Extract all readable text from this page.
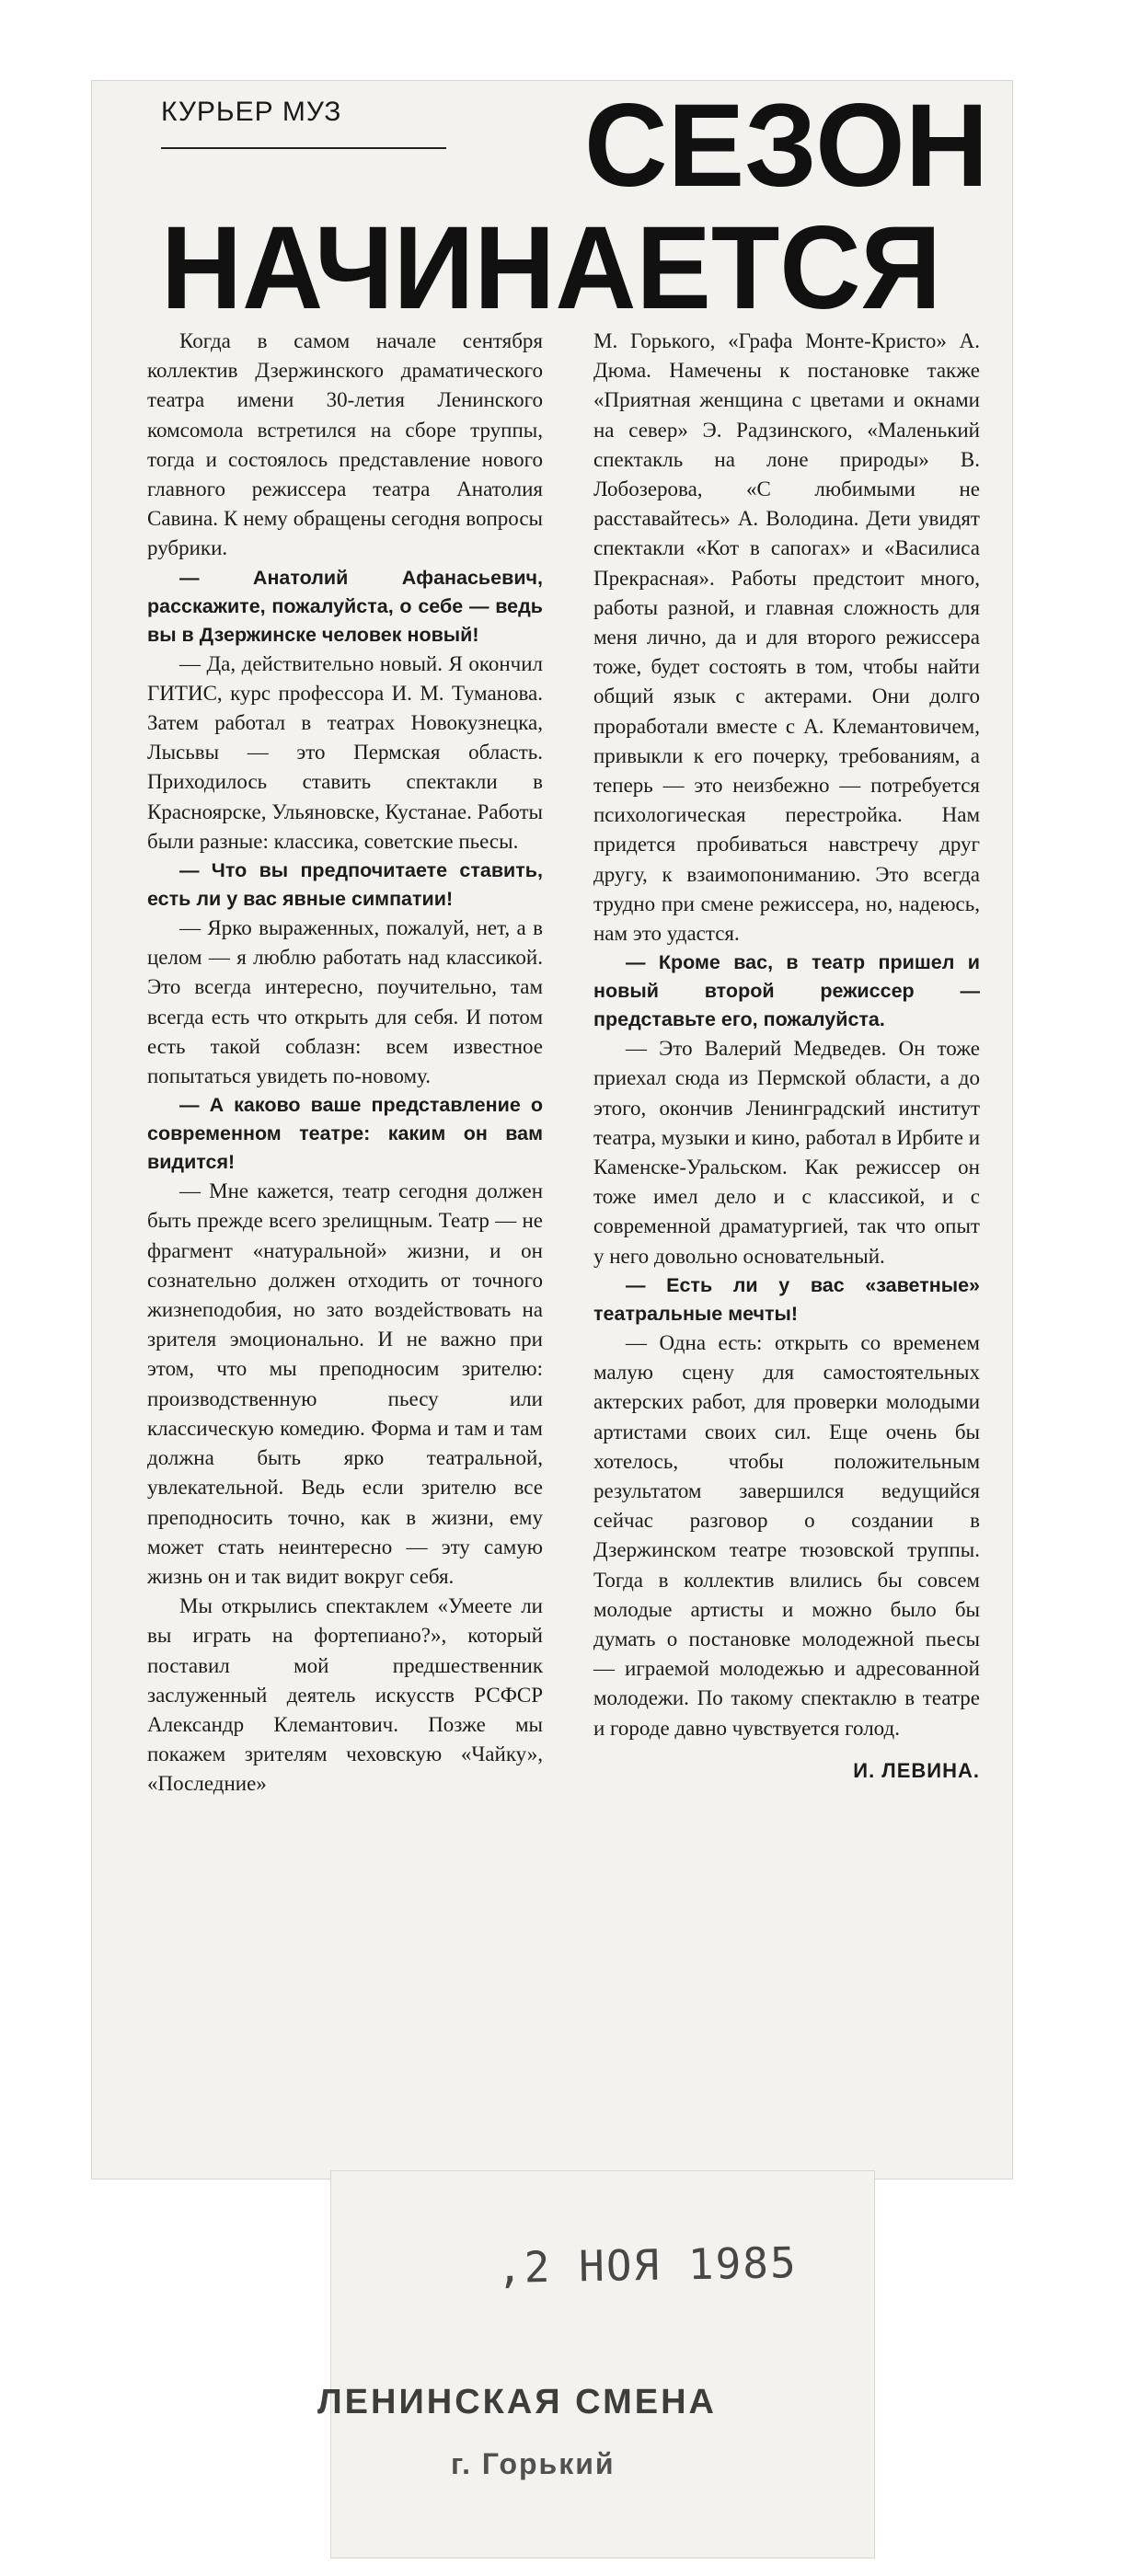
КУРЬЕР МУЗ СЕЗОН
НАЧИНАЕТСЯ

Когда в самом начале сентября коллектив Дзержинского драматического театра имени 30-летия Ленинского комсомола встретился на сборе труппы, тогда и состоялось представление нового главного режиссера театра Анатолия Савина. К нему обращены сегодня вопросы рубрики.

— Анатолий Афанасьевич, расскажите, пожалуйста, о себе — ведь вы в Дзержинске человек новый!

— Да, действительно новый. Я окончил ГИТИС, курс профессора И. М. Туманова. Затем работал в театрах Новокузнецка, Лысьвы — это Пермская область. Приходилось ставить спектакли в Красноярске, Ульяновске, Кустанае. Работы были разные: классика, советские пьесы.

— Что вы предпочитаете ставить, есть ли у вас явные симпатии!

— Ярко выраженных, пожалуй, нет, а в целом — я люблю работать над классикой. Это всегда интересно, поучительно, там всегда есть что открыть для себя. И потом есть такой соблазн: всем известное попытаться увидеть по-новому.

— А каково ваше представление о современном театре: каким он вам видится!

— Мне кажется, театр сегодня должен быть прежде всего зрелищным. Театр — не фрагмент «натуральной» жизни, и он сознательно должен отходить от точного жизнеподобия, но зато воздействовать на зрителя эмоционально. И не важно при этом, что мы преподносим зрителю: производственную пьесу или классическую комедию. Форма и там и там должна быть ярко театральной, увлекательной. Ведь если зрителю все преподносить точно, как в жизни, ему может стать неинтересно — эту самую жизнь он и так видит вокруг себя.

Мы открылись спектаклем «Умеете ли вы играть на фортепиано?», который поставил мой предшественник заслуженный деятель искусств РСФСР Александр Клемантович. Позже мы покажем зрителям чеховскую «Чайку», «Последние»

М. Горького, «Графа Монте-Кристо» А. Дюма. Намечены к постановке также «Приятная женщина с цветами и окнами на север» Э. Радзинского, «Маленький спектакль на лоне природы» В. Лобозерова, «С любимыми не расставайтесь» А. Володина. Дети увидят спектакли «Кот в сапогах» и «Василиса Прекрасная». Работы предстоит много, работы разной, и главная сложность для меня лично, да и для второго режиссера тоже, будет состоять в том, чтобы найти общий язык с актерами. Они долго проработали вместе с А. Клемантовичем, привыкли к его почерку, требованиям, а теперь — это неизбежно — потребуется психологическая перестройка. Нам придется пробиваться навстречу друг другу, к взаимопониманию. Это всегда трудно при смене режиссера, но, надеюсь, нам это удастся.

— Кроме вас, в театр пришел и новый второй режиссер — представьте его, пожалуйста.

— Это Валерий Медведев. Он тоже приехал сюда из Пермской области, а до этого, окончив Ленинградский институт театра, музыки и кино, работал в Ирбите и Каменске-Уральском. Как режиссер он тоже имел дело и с классикой, и с современной драматургией, так что опыт у него довольно основательный.

— Есть ли у вас «заветные» театральные мечты!

— Одна есть: открыть со временем малую сцену для самостоятельных актерских работ, для проверки молодыми артистами своих сил. Еще очень бы хотелось, чтобы положительным результатом завершился ведущийся сейчас разговор о создании в Дзержинском театре тюзовской труппы. Тогда в коллектив влились бы совсем молодые артисты и можно было бы думать о постановке молодежной пьесы — играемой молодежью и адресованной молодежи. По такому спектаклю в театре и городе давно чувствуется голод.

И. ЛЕВИНА.

,2 НОЯ 1985
ЛЕНИНСКАЯ СМЕНА
г. Горький
